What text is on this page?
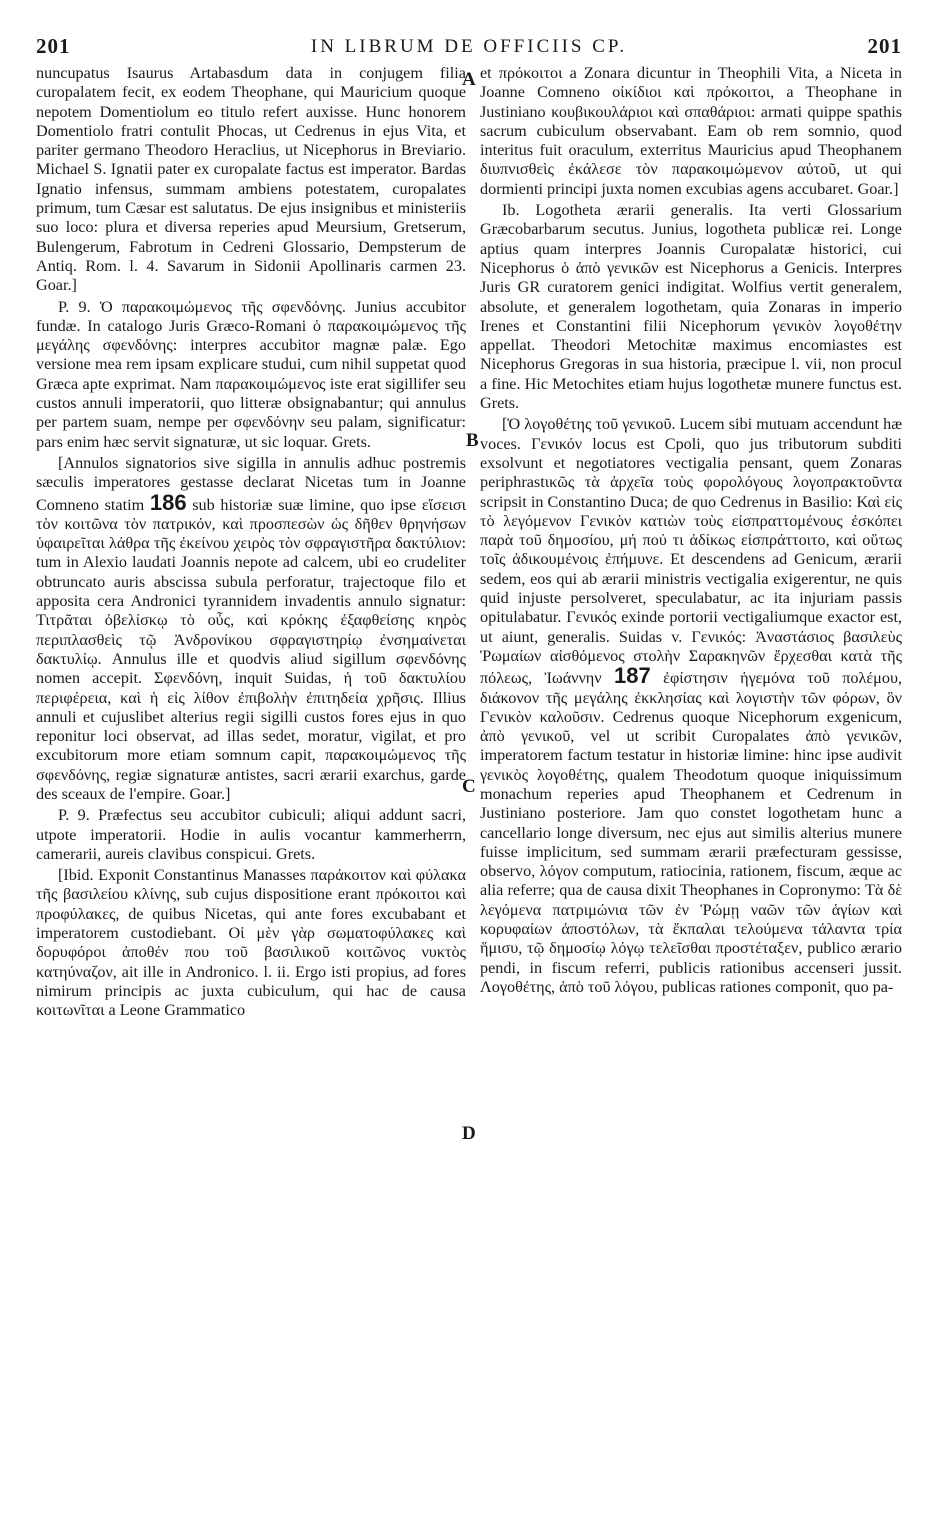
201	IN LIBRUM DE OFFICIIS CP.	201
A
B
C
D

nuncupatus Isaurus Artabasdum data in conjugem filia curopalatem fecit, ex eodem Theophane, qui Mauricium quoque nepotem Domentiolum eo titulo refert auxisse. Hunc honorem Domentiolo fratri contulit Phocas, ut Cedrenus in ejus Vita, et pariter germano Theodoro Heraclius, ut Nicephorus in Breviario. Michael S. Ignatii pater ex curopalate factus est imperator. Bardas Ignatio infensus, summam ambiens potestatem, curopalates primum, tum Cæsar est salutatus. De ejus insignibus et ministeriis suo loco: plura et diversa reperies apud Meursium, Gretserum, Bulengerum, Fabrotum in Cedreni Glossario, Dempsterum de Antiq. Rom. l. 4. Savarum in Sidonii Apollinaris carmen 23. Goar.]

P. 9. Ὁ παρακοιμώμενος τῆς σφενδόνης. Junius accubitor fundæ. In catalogo Juris Græco-Romani ὁ παρακοιμώμενος τῆς μεγάλης σφενδόνης: interpres accubitor magnæ palæ. Ego versione mea rem ipsam explicare studui, cum nihil suppetat quod Græca apte exprimat. Nam παρακοιμώμενος iste erat sigillifer seu custos annuli imperatorii, quo litteræ obsignabantur; qui annulus per partem suam, nempe per σφενδόνην seu palam, significatur: pars enim hæc servit signaturæ, ut sic loquar. Grets.

[Annulos signatorios sive sigilla in annulis adhuc postremis sæculis imperatores gestasse declarat Nicetas tum in Joanne Comneno statim 186 sub historiæ suæ limine, quo ipse εἴσεισι τὸν κοιτῶνα τὸν πατρικόν, καὶ προσπεσὼν ὡς δῆθεν θρηνήσων ὑφαιρεῖται λάθρα τῆς ἐκείνου χειρὸς τὸν σφραγιστῆρα δακτύλιον: tum in Alexio laudati Joannis nepote ad calcem, ubi eo crudeliter obtruncato auris abscissa subula perforatur, trajectoque filo et apposita cera Andronici tyrannidem invadentis annulo signatur: Τιτρᾶται ὀβελίσκῳ τὸ οὖς, καὶ κρόκης ἐξαφθείσης κηρὸς περιπλασθεὶς τῷ Ἀνδρονίκου σφραγιστηρίῳ ἐνσημαίνεται δακτυλίῳ. Annulus ille et quodvis aliud sigillum σφενδόνης nomen accepit. Σφενδόνη, inquit Suidas, ἡ τοῦ δακτυλίου περιφέρεια, καὶ ἡ εἰς λίθον ἐπιβολὴν ἐπιτηδεία χρῆσις. Illius annuli et cujuslibet alterius regii sigilli custos fores ejus in quo reponitur loci observat, ad illas sedet, moratur, vigilat, et pro excubitorum more etiam somnum capit, παρακοιμώμενος τῆς σφενδόνης, regiæ signaturæ antistes, sacri ærarii exarchus, garde des sceaux de l'empire. Goar.]

P. 9. Præfectus seu accubitor cubiculi; aliqui addunt sacri, utpote imperatorii. Hodie in aulis vocantur kammerherrn, camerarii, aureis clavibus conspicui. Grets.

[Ibid. Exponit Constantinus Manasses παράκοιτον καὶ φύλακα τῆς βασιλείου κλίνης, sub cujus dispositione erant πρόκοιτοι καὶ προφύλακες, de quibus Nicetas, qui ante fores excubabant et imperatorem custodiebant. Οἱ μὲν γὰρ σωματοφύλακες καὶ δορυφόροι ἀποθέν που τοῦ βασιλικοῦ κοιτῶνος νυκτὸς κατηύναζον, ait ille in Andronico. l. ii. Ergo isti propius, ad fores nimirum principis ac juxta cubiculum, qui hac de causa κοιτωνῖται a Leone Grammatico

et πρόκοιτοι a Zonara dicuntur in Theophili Vita, a Niceta in Joanne Comneno οἰκίδιοι καὶ πρόκοιτοι, a Theophane in Justiniano κουβικουλάριοι καὶ σπαθάριοι: armati quippe spathis sacrum cubiculum observabant. Eam ob rem somnio, quod interitus fuit oraculum, exterritus Mauricius apud Theophanem διυπνισθεὶς ἐκάλεσε τὸν παρακοιμώμενον αὐτοῦ, ut qui dormienti principi juxta nomen excubias agens accubaret. Goar.]

Ib. Logotheta ærarii generalis. Ita verti Glossarium Græcobarbarum secutus. Junius, logotheta publicæ rei. Longe aptius quam interpres Joannis Curopalatæ historici, cui Nicephorus ὁ ἀπὸ γενικῶν est Nicephorus a Genicis. Interpres Juris GR curatorem genici indigitat. Wolfius vertit generalem, absolute, et generalem logothetam, quia Zonaras in imperio Irenes et Constantini filii Nicephorum γενικὸν λογοθέτην appellat. Theodori Metochitæ maximus encomiastes est Nicephorus Gregoras in sua historia, præcipue l. vii, non procul a fine. Hic Metochites etiam hujus logothetæ munere functus est. Grets.

[Ὁ λογοθέτης τοῦ γενικοῦ. Lucem sibi mutuam accendunt hæ voces. Γενικόν locus est Cpoli, quo jus tributorum subditi exsolvunt et negotiatores vectigalia pensant, quem Zonaras periphrastικῶς τὰ ἀρχεῖα τοὺς φορολόγους λογοπρακτοῦντα scripsit in Constantino Duca; de quo Cedrenus in Basilio: Καὶ εἰς τὸ λεγόμενον Γενικὸν κατιὼν τοὺς εἰσπραττομένους ἐσκόπει παρὰ τοῦ δημοσίου, μή πού τι ἀδίκως εἰσπράττοιτο, καὶ οὕτως τοῖς ἀδικουμένοις ἐπήμυνε. Et descendens ad Genicum, ærarii sedem, eos qui ab ærarii ministris vectigalia exigerentur, ne quis quid injuste persolveret, speculabatur, ac ita injuriam passis opitulabatur. Γενικός exinde portorii vectigaliumque exactor est, ut aiunt, generalis. Suidas v. Γενικός: Ἀναστάσιος βασιλεὺς Ῥωμαίων αἰσθόμενος στολὴν Σαρακηνῶν ἔρχεσθαι κατὰ τῆς πόλεως, Ἰωάννην 187 ἐφίστησιν ἡγεμόνα τοῦ πολέμου, διάκονον τῆς μεγάλης ἐκκλησίας καὶ λογιστὴν τῶν φόρων, ὃν Γενικὸν καλοῦσιν. Cedrenus quoque Nicephorum exgenicum, ἀπὸ γενικοῦ, vel ut scribit Curopalates ἀπὸ γενικῶν, imperatorem factum testatur in historiæ limine: hinc ipse audivit γενικὸς λογοθέτης, qualem Theodotum quoque iniquissimum monachum reperies apud Theophanem et Cedrenum in Justiniano posteriore. Jam quo constet logothetam hunc a cancellario longe diversum, nec ejus aut similis alterius munere fuisse implicitum, sed summam ærarii præfecturam gessisse, observo, λόγον computum, ratiocinia, rationem, fiscum, æque ac alia referre; qua de causa dixit Theophanes in Copronymo: Τὰ δὲ λεγόμενα πατριμώνια τῶν ἐν Ῥώμῃ ναῶν τῶν ἁγίων καὶ κορυφαίων ἀποστόλων, τὰ ἔκπαλαι τελούμενα τάλαντα τρία ἥμισυ, τῷ δημοσίῳ λόγῳ τελεῖσθαι προστέταξεν, publico ærario pendi, in fiscum referri, publicis rationibus accenseri jussit. Λογοθέτης, ἀπὸ τοῦ λόγου, publicas rationes componit, quo pa-
